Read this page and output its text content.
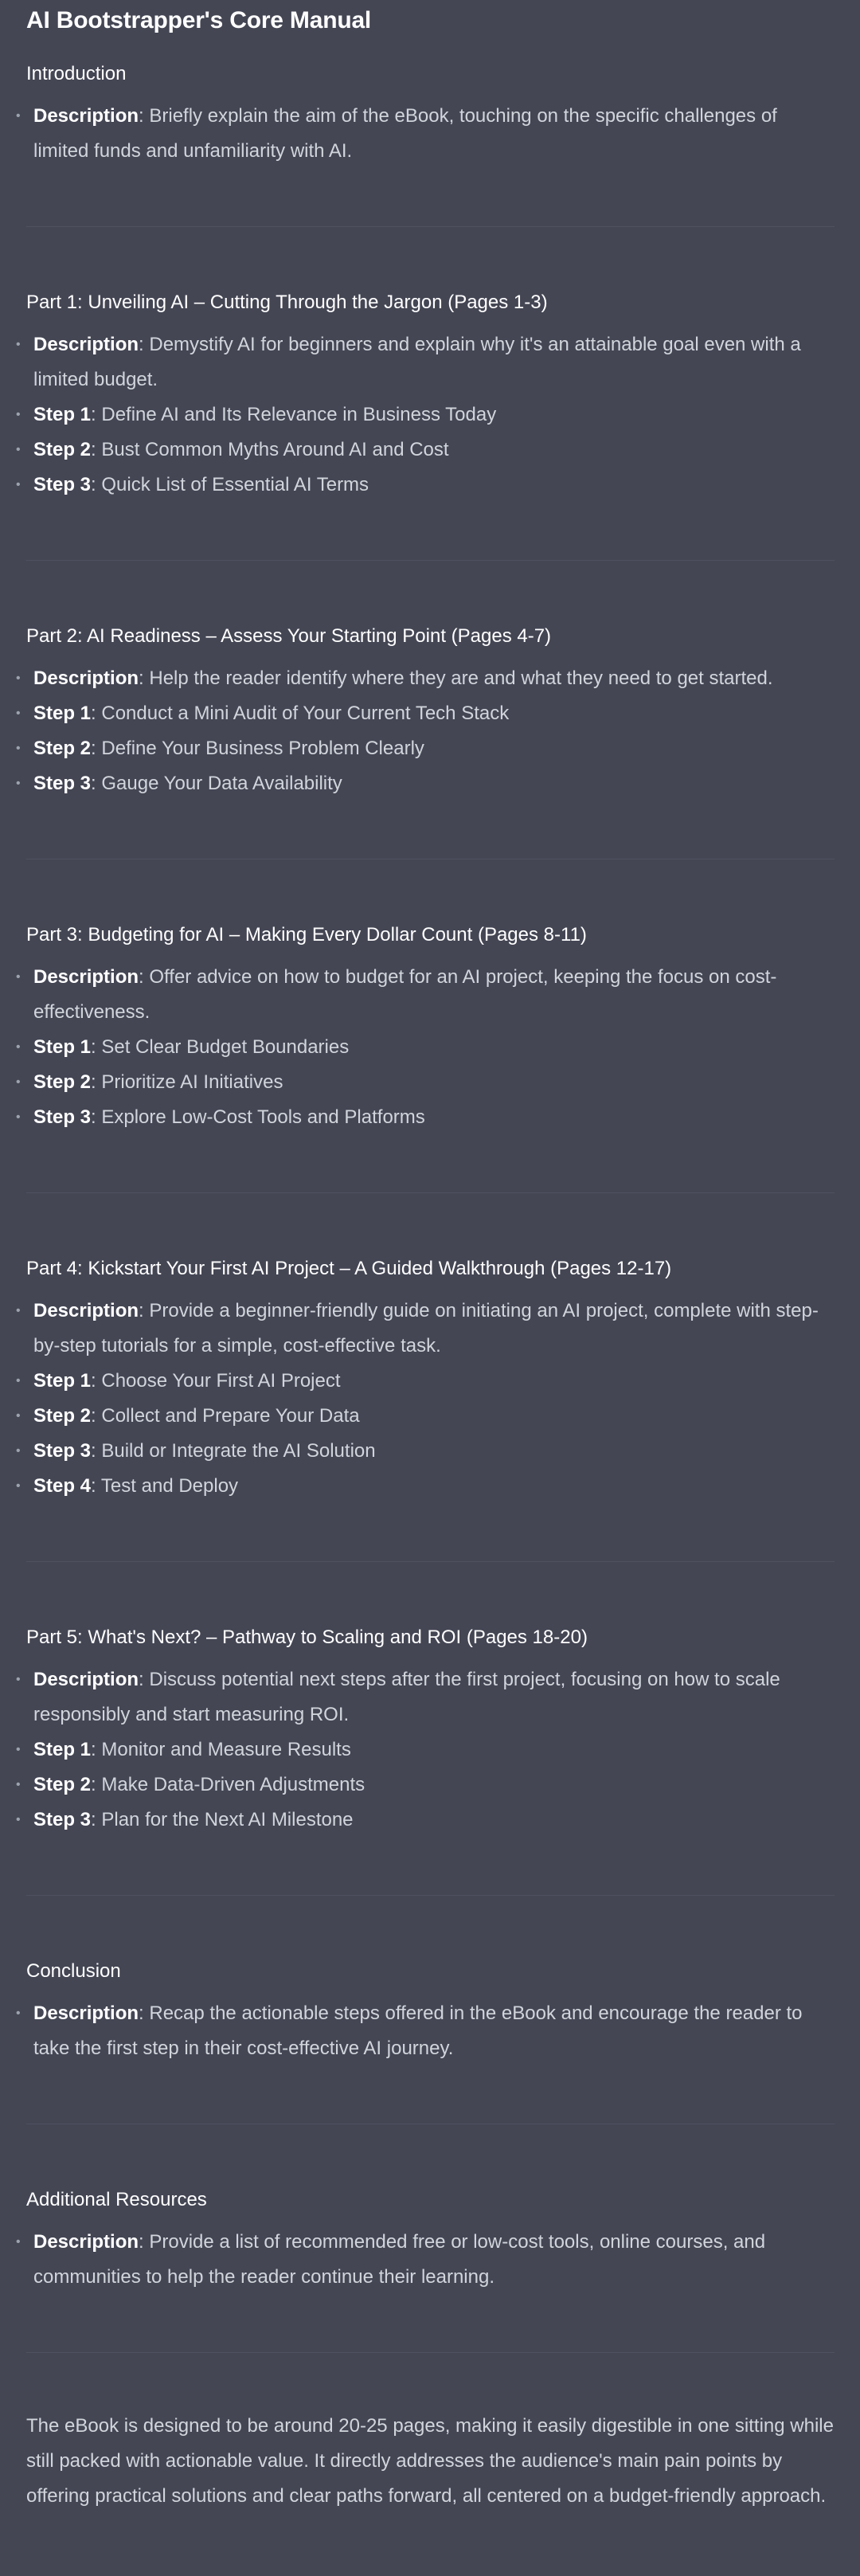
AI Bootstrapper's Core Manual
Introduction
• Description: Briefly explain the aim of the eBook, touching on the specific challenges of limited funds and unfamiliarity with AI.
Part 1: Unveiling AI – Cutting Through the Jargon (Pages 1-3)
• Description: Demystify AI for beginners and explain why it's an attainable goal even with a limited budget.
• Step 1: Define AI and Its Relevance in Business Today
• Step 2: Bust Common Myths Around AI and Cost
• Step 3: Quick List of Essential AI Terms
Part 2: AI Readiness – Assess Your Starting Point (Pages 4-7)
• Description: Help the reader identify where they are and what they need to get started.
• Step 1: Conduct a Mini Audit of Your Current Tech Stack
• Step 2: Define Your Business Problem Clearly
• Step 3: Gauge Your Data Availability
Part 3: Budgeting for AI – Making Every Dollar Count (Pages 8-11)
• Description: Offer advice on how to budget for an AI project, keeping the focus on cost-effectiveness.
• Step 1: Set Clear Budget Boundaries
• Step 2: Prioritize AI Initiatives
• Step 3: Explore Low-Cost Tools and Platforms
Part 4: Kickstart Your First AI Project – A Guided Walkthrough (Pages 12-17)
• Description: Provide a beginner-friendly guide on initiating an AI project, complete with step-by-step tutorials for a simple, cost-effective task.
• Step 1: Choose Your First AI Project
• Step 2: Collect and Prepare Your Data
• Step 3: Build or Integrate the AI Solution
• Step 4: Test and Deploy
Part 5: What's Next? – Pathway to Scaling and ROI (Pages 18-20)
• Description: Discuss potential next steps after the first project, focusing on how to scale responsibly and start measuring ROI.
• Step 1: Monitor and Measure Results
• Step 2: Make Data-Driven Adjustments
• Step 3: Plan for the Next AI Milestone
Conclusion
• Description: Recap the actionable steps offered in the eBook and encourage the reader to take the first step in their cost-effective AI journey.
Additional Resources
• Description: Provide a list of recommended free or low-cost tools, online courses, and communities to help the reader continue their learning.

The eBook is designed to be around 20-25 pages, making it easily digestible in one sitting while still packed with actionable value. It directly addresses the audience's main pain points by offering practical solutions and clear paths forward, all centered on a budget-friendly approach.
